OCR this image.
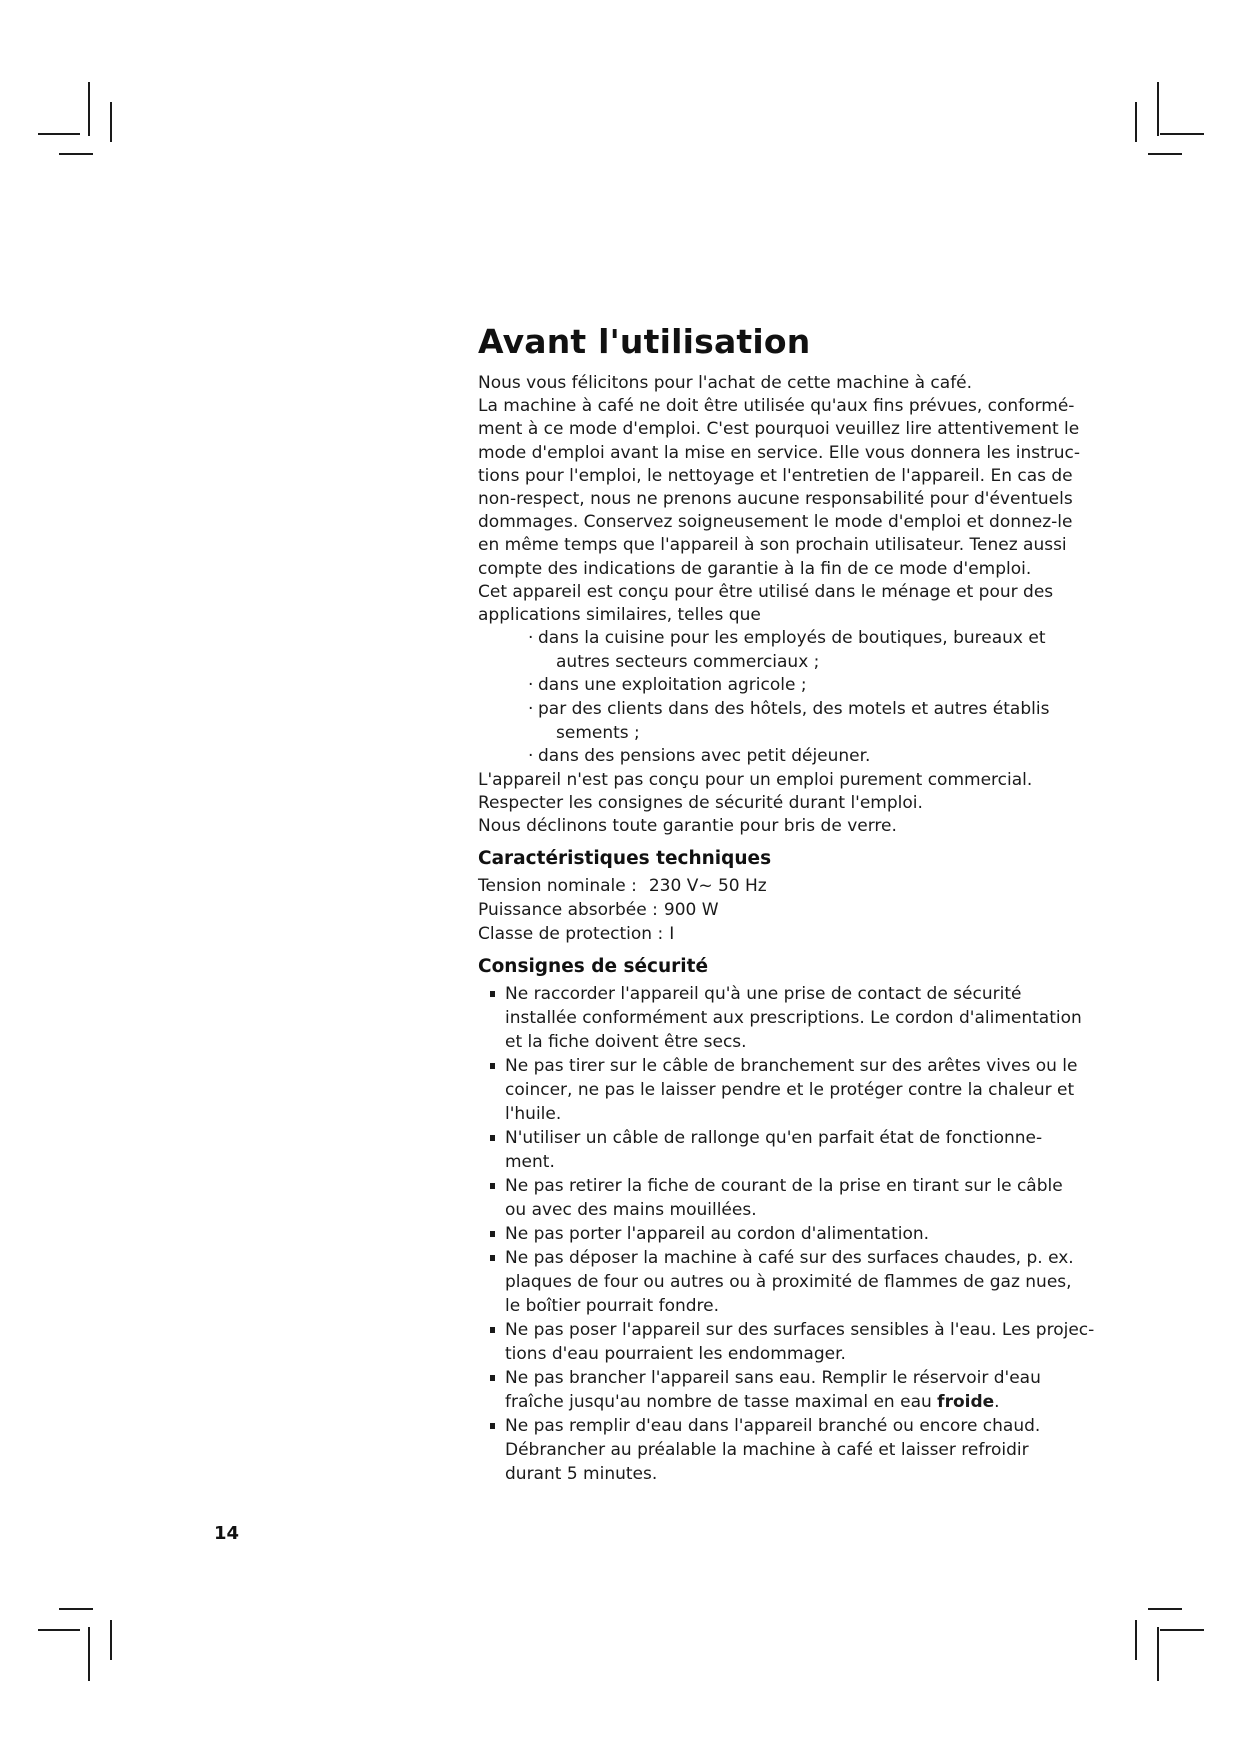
Avant l'utilisation

Nous vous félicitons pour l'achat de cette machine à café.
La machine à café ne doit être utilisée qu'aux fins prévues, conformé-
ment à ce mode d'emploi. C'est pourquoi veuillez lire attentivement le
mode d'emploi avant la mise en service. Elle vous donnera les instruc-
tions pour l'emploi, le nettoyage et l'entretien de l'appareil. En cas de
non-respect, nous ne prenons aucune responsabilité pour d'éventuels
dommages. Conservez soigneusement le mode d'emploi et donnez-le
en même temps que l'appareil à son prochain utilisateur. Tenez aussi
compte des indications de garantie à la fin de ce mode d'emploi.
Cet appareil est conçu pour être utilisé dans le ménage et pour des
applications similaires, telles que

· dans la cuisine pour les employés de boutiques, bureaux et
autres secteurs commerciaux ;
· dans une exploitation agricole ;
· par des clients dans des hôtels, des motels et autres établis
sements ;
· dans des pensions avec petit déjeuner.

L'appareil n'est pas conçu pour un emploi purement commercial.
Respecter les consignes de sécurité durant l'emploi.
Nous déclinons toute garantie pour bris de verre.

Caractéristiques techniques
Tension nominale : 230 V~ 50 Hz
Puissance absorbée : 900 W
Classe de protection : I
Consignes de sécurité
Ne raccorder l'appareil qu'à une prise de contact de sécurité
installée conformément aux prescriptions. Le cordon d'alimentation
et la fiche doivent être secs.
Ne pas tirer sur le câble de branchement sur des arêtes vives ou le
coincer, ne pas le laisser pendre et le protéger contre la chaleur et
l'huile.
N'utiliser un câble de rallonge qu'en parfait état de fonctionne-
ment.
Ne pas retirer la fiche de courant de la prise en tirant sur le câble
ou avec des mains mouillées.
Ne pas porter l'appareil au cordon d'alimentation.
Ne pas déposer la machine à café sur des surfaces chaudes, p. ex.
plaques de four ou autres ou à proximité de flammes de gaz nues,
le boîtier pourrait fondre.
Ne pas poser l'appareil sur des surfaces sensibles à l'eau. Les projec-
tions d'eau pourraient les endommager.
Ne pas brancher l'appareil sans eau. Remplir le réservoir d'eau
fraîche jusqu'au nombre de tasse maximal en eau froide.
Ne pas remplir d'eau dans l'appareil branché ou encore chaud.
Débrancher au préalable la machine à café et laisser refroidir
durant 5 minutes.
14
